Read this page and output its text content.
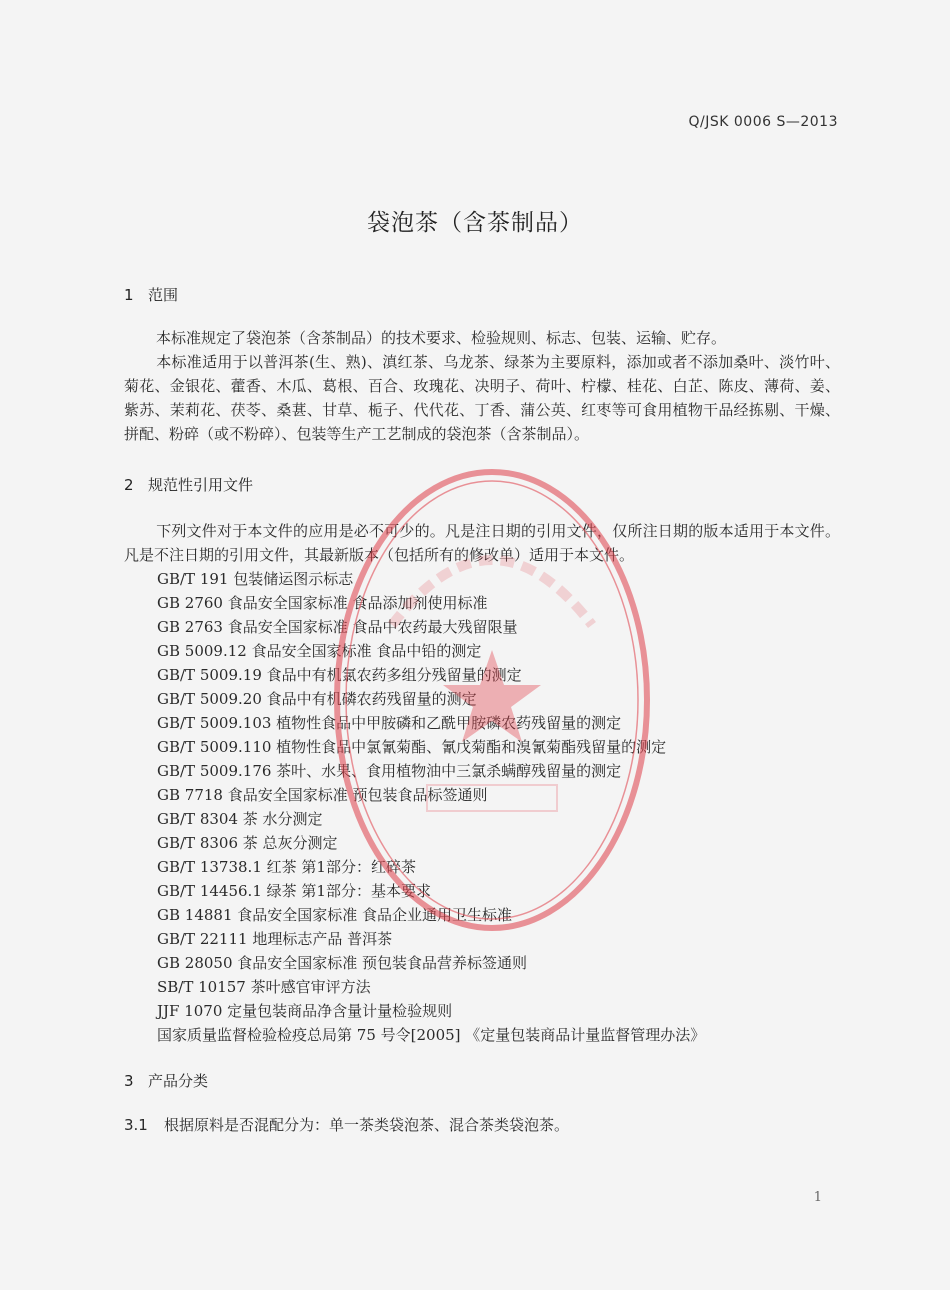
Q/JSK 0006 S—2013
袋泡茶（含茶制品）
1 范围
本标准规定了袋泡茶（含茶制品）的技术要求、检验规则、标志、包装、运输、贮存。
本标准适用于以普洱茶(生、熟)、滇红茶、乌龙茶、绿茶为主要原料，添加或者不添加桑叶、淡竹叶、菊花、金银花、藿香、木瓜、葛根、百合、玫瑰花、决明子、荷叶、柠檬、桂花、白芷、陈皮、薄荷、姜、紫苏、茉莉花、茯苓、桑葚、甘草、栀子、代代花、丁香、蒲公英、红枣等可食用植物干品经拣剔、干燥、拼配、粉碎（或不粉碎）、包装等生产工艺制成的袋泡茶（含茶制品）。
2 规范性引用文件
下列文件对于本文件的应用是必不可少的。凡是注日期的引用文件，仅所注日期的版本适用于本文件。凡是不注日期的引用文件，其最新版本（包括所有的修改单）适用于本文件。
GB/T 191 包装储运图示标志
GB 2760 食品安全国家标准 食品添加剂使用标准
GB 2763 食品安全国家标准 食品中农药最大残留限量
GB 5009.12 食品安全国家标准 食品中铅的测定
GB/T 5009.19 食品中有机氯农药多组分残留量的测定
GB/T 5009.20 食品中有机磷农药残留量的测定
GB/T 5009.103 植物性食品中甲胺磷和乙酰甲胺磷农药残留量的测定
GB/T 5009.110 植物性食品中氯氰菊酯、氰戊菊酯和溴氰菊酯残留量的测定
GB/T 5009.176 茶叶、水果、食用植物油中三氯杀螨醇残留量的测定
GB 7718 食品安全国家标准 预包装食品标签通则
GB/T 8304 茶 水分测定
GB/T 8306 茶 总灰分测定
GB/T 13738.1 红茶 第1部分：红碎茶
GB/T 14456.1 绿茶 第1部分：基本要求
GB 14881 食品安全国家标准 食品企业通用卫生标准
GB/T 22111 地理标志产品 普洱茶
GB 28050 食品安全国家标准 预包装食品营养标签通则
SB/T 10157 茶叶感官审评方法
JJF 1070 定量包装商品净含量计量检验规则
国家质量监督检验检疫总局第 75 号令[2005] 《定量包装商品计量监督管理办法》
3 产品分类
3.1 根据原料是否混配分为：单一茶类袋泡茶、混合茶类袋泡茶。
1
